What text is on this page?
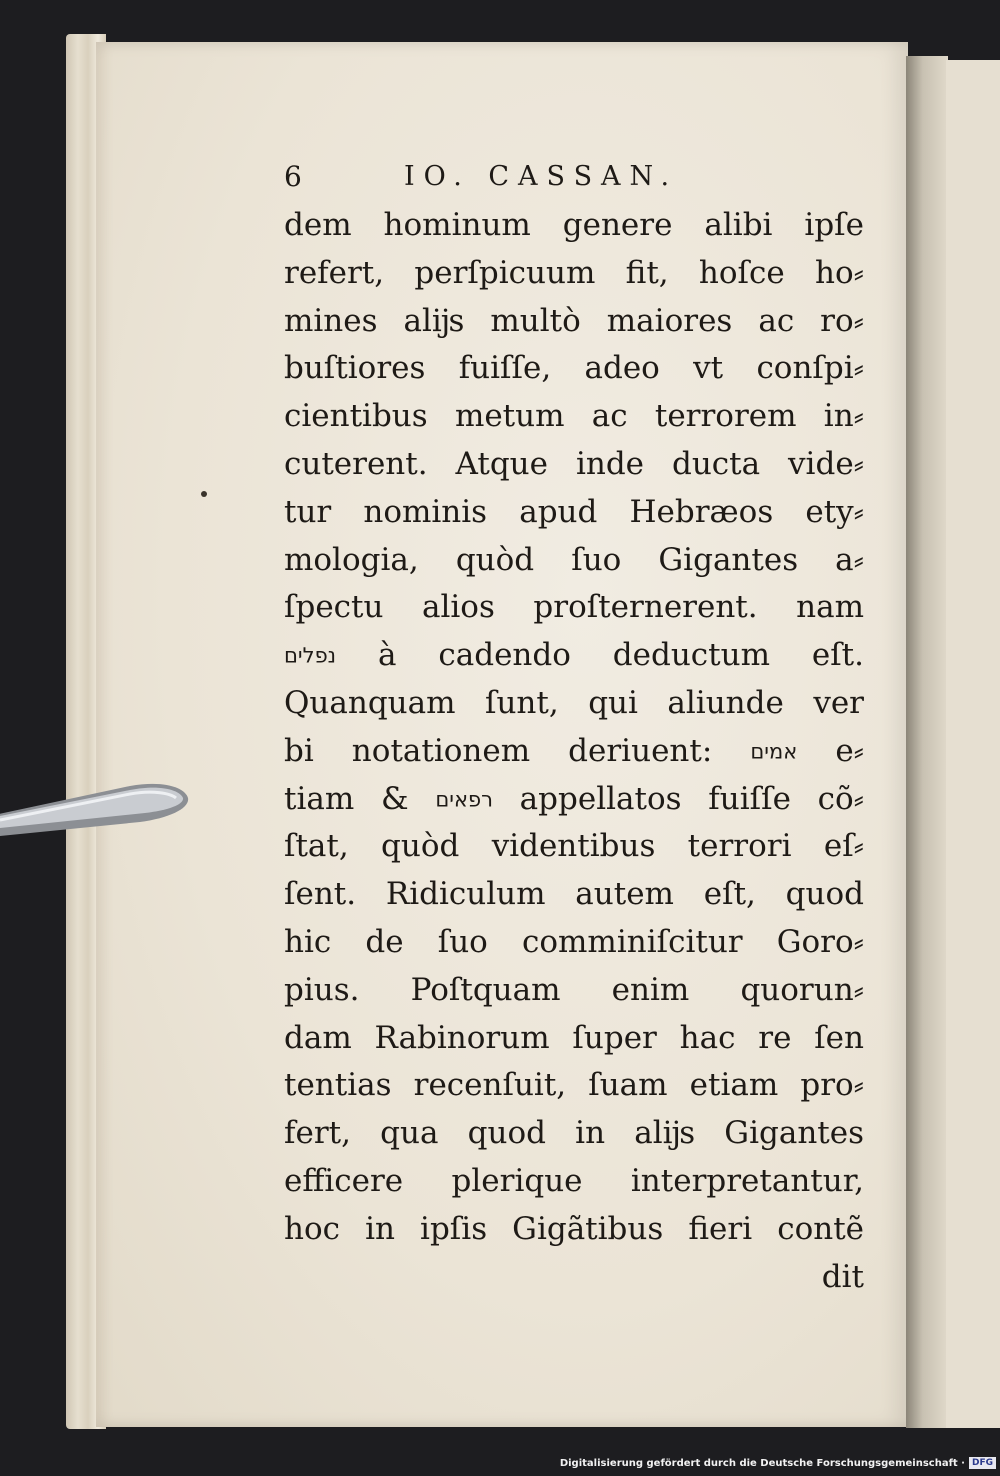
6	IO. CASSAN.
dem hominum genere alibi ipſe
refert, perſpicuum fit, hoſce ho⸗
mines alĳs multò maiores ac ro⸗
buſtiores fuiſſe, adeo vt conſpi⸗
cientibus metum ac terrorem in⸗
cuterent. Atque inde ducta vide⸗
tur nominis apud Hebræos ety⸗
mologia, quòd ſuo Gigantes a⸗
ſpectu alios proſternerent. nam
נפלים à cadendo deductum eſt.
Quanquam ſunt, qui aliunde ver
bi notationem deriuent: אמים e⸗
tiam & רפאים appellatos fuiſſe cõ⸗
ſtat, quòd videntibus terrori eſ⸗
ſent. Ridiculum autem eſt, quod
hic de ſuo comminiſcitur Goro⸗
pius. Poſtquam enim quorun⸗
dam Rabinorum ſuper hac re ſen
tentias recenſuit, ſuam etiam pro⸗
fert, qua quod in alĳs Gigantes
efficere plerique interpretantur,
hoc in ipſis Gigãtibus fieri contẽ
dit
Digitalisierung gefördert durch die Deutsche Forschungsgemeinschaft · DFG
